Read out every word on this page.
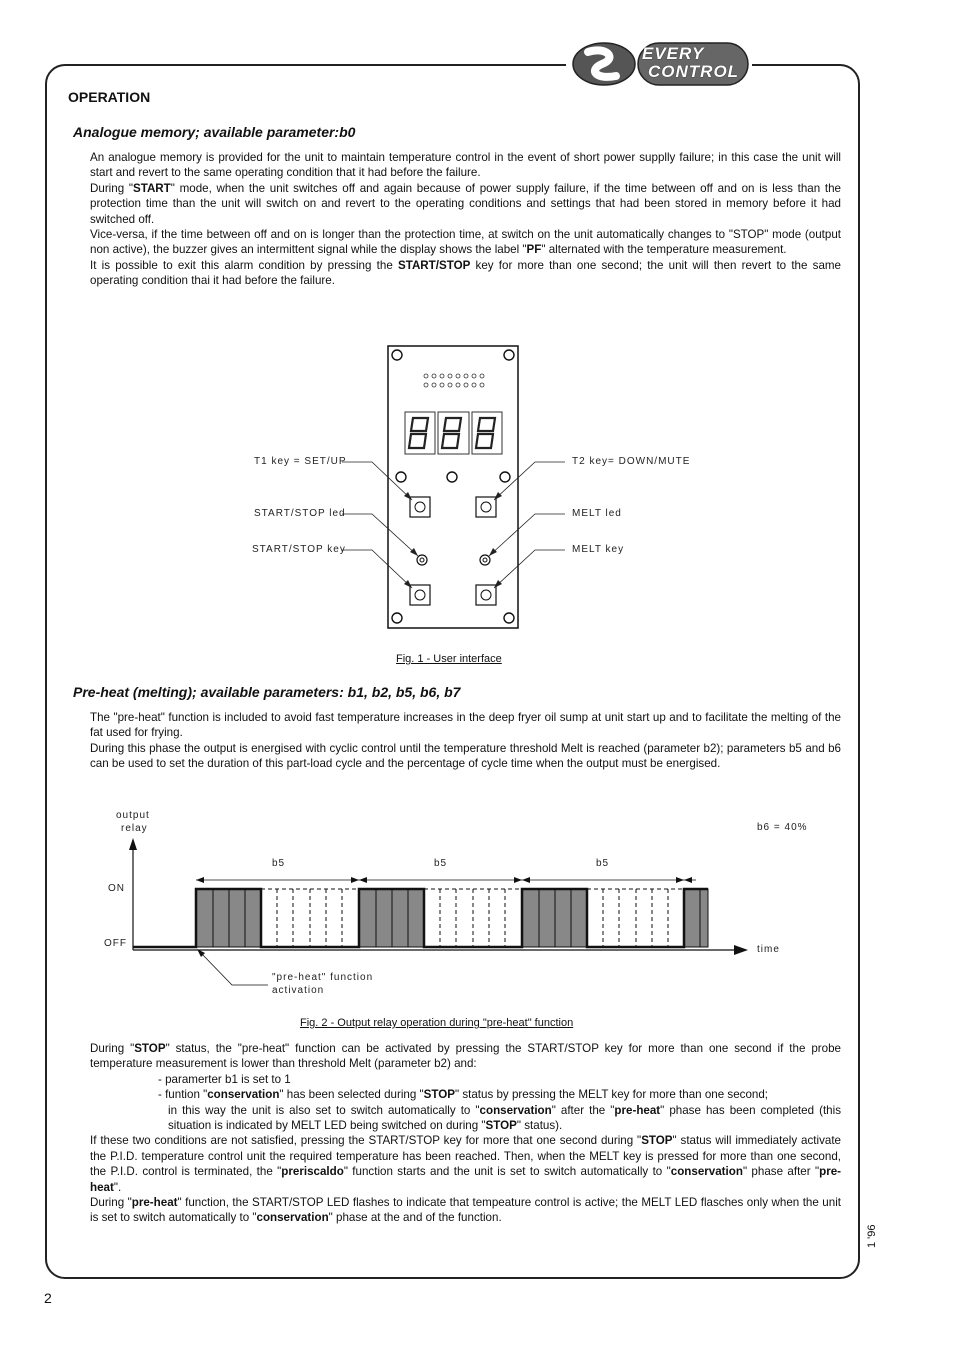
EVERY
CONTROL
OPERATION
Analogue memory; available parameter:b0

An analogue memory is provided for the unit to maintain temperature control in the event of short power supplly failure; in this case the unit will start and revert to the same operating condition that it had before the failure.

During "START" mode, when the unit switches off and again because of power supply failure, if the time between off and on is less than the protection time than the unit will switch on and revert to the operating conditions and settings that had been stored in memory before it had switched off.

Vice-versa, if the time between off and on is longer than the protection time, at switch on the unit automatically changes to "STOP" mode (output non active), the buzzer gives an intermittent signal while the display shows the label "PF" alternated with the temperature measurement.

It is possible to exit this alarm condition by pressing the START/STOP key for more than one second; the unit will then revert to the same operating condition thai it had before the failure.

T1 key = SET/UP	T2 key= DOWN/MUTE
START/STOP led	MELT led
START/STOP key	MELT key
Fig. 1 - User interface
Pre-heat (melting); available parameters: b1, b2, b5, b6, b7

The "pre-heat" function is included to avoid fast temperature increases in the deep fryer oil sump at unit start up and to facilitate the melting of the fat used for frying.

During this phase the output is energised with cyclic control until the temperature threshold Melt is reached (parameter b2); parameters b5 and b6 can be used to set the duration of this part-load cycle and the percentage of cycle time when the output must be energised.

output
relay	b6 = 40%
b5	b5	b5
ON
OFF
time
"pre-heat" function
activation
Fig. 2 - Output relay operation during "pre-heat" function

During "STOP" status, the "pre-heat" function can be activated by pressing the START/STOP key for more than one second if the probe temperature measurement is lower than threshold Melt (parameter b2) and:

- paramerter b1 is set to 1

- funtion "conservation" has been selected during "STOP" status by pressing the MELT key for more than one second;

in this way the unit is also set to switch automatically to "conservation" after the "pre-heat" phase has been completed (this situation is indicated by MELT LED being switched on during "STOP" status).

If these two conditions are not satisfied, pressing the START/STOP key for more that one second during "STOP" status will immediately activate the P.I.D. temperature control unit the required temperature has been reached. Then, when the MELT key is pressed for more than one second, the P.I.D. control is terminated, the "preriscaldo" function starts and the unit is set to switch automatically to "conservation" phase after "pre-heat".

During "pre-heat" function, the START/STOP LED flashes to indicate that tempeature control is active; the MELT LED flasches only when the unit is set to switch automatically to "conservation" phase at the and of the function.

1 '96
2
